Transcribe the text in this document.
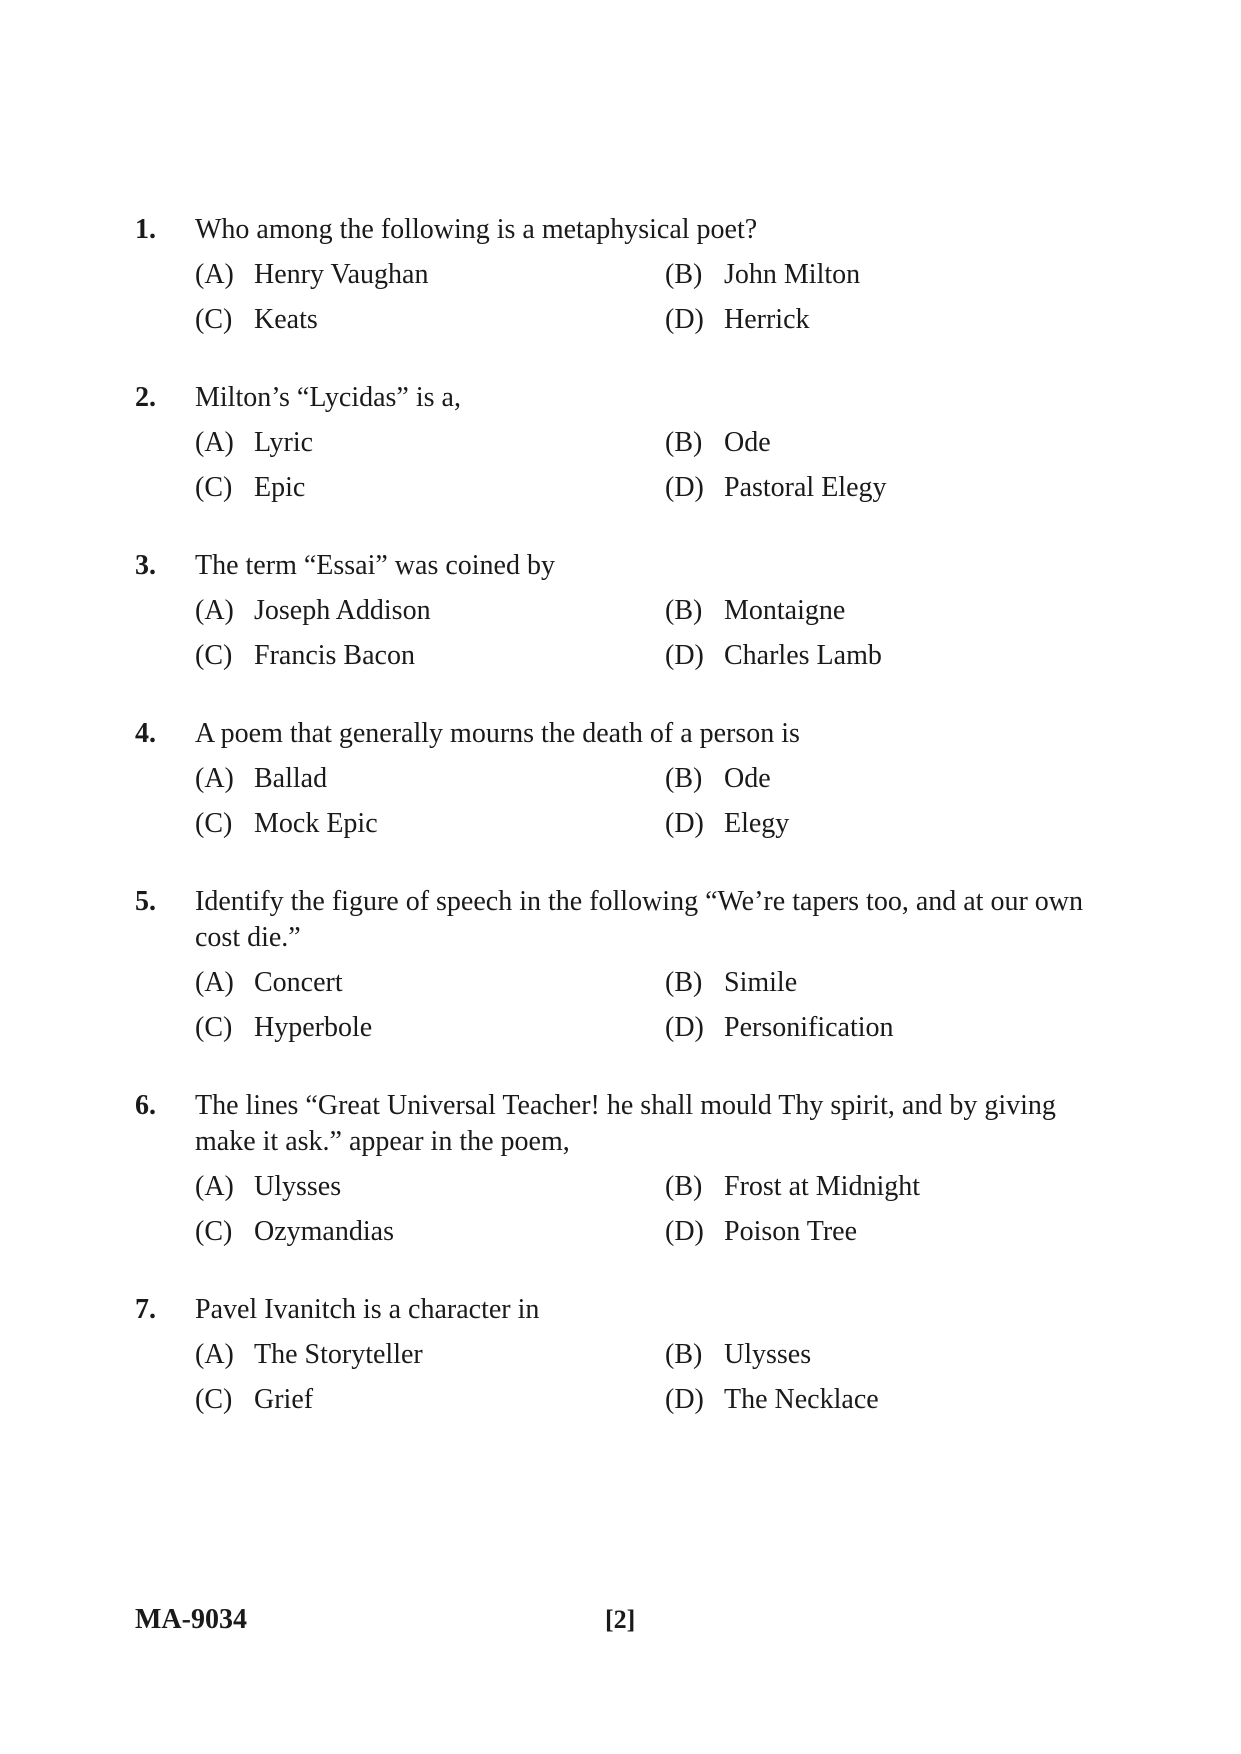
1.	Who among the following is a metaphysical poet?
(A) Henry Vaughan	(B) John Milton
(C) Keats	(D) Herrick
2.	Milton’s “Lycidas” is a,
(A) Lyric	(B) Ode
(C) Epic	(D) Pastoral Elegy
3.	The term “Essai” was coined by
(A) Joseph Addison	(B) Montaigne
(C) Francis Bacon	(D) Charles Lamb
4.	A poem that generally mourns the death of a person is
(A) Ballad	(B) Ode
(C) Mock Epic	(D) Elegy
5.	Identify the figure of speech in the following “We’re tapers too, and at our own cost die.”
(A) Concert	(B) Simile
(C) Hyperbole	(D) Personification
6.	The lines “Great Universal Teacher! he shall mould Thy spirit, and by giving make it ask.” appear in the poem,
(A) Ulysses	(B) Frost at Midnight
(C) Ozymandias	(D) Poison Tree
7.	Pavel Ivanitch is a character in
(A) The Storyteller	(B) Ulysses
(C) Grief	(D) The Necklace
MA-9034	[2]
